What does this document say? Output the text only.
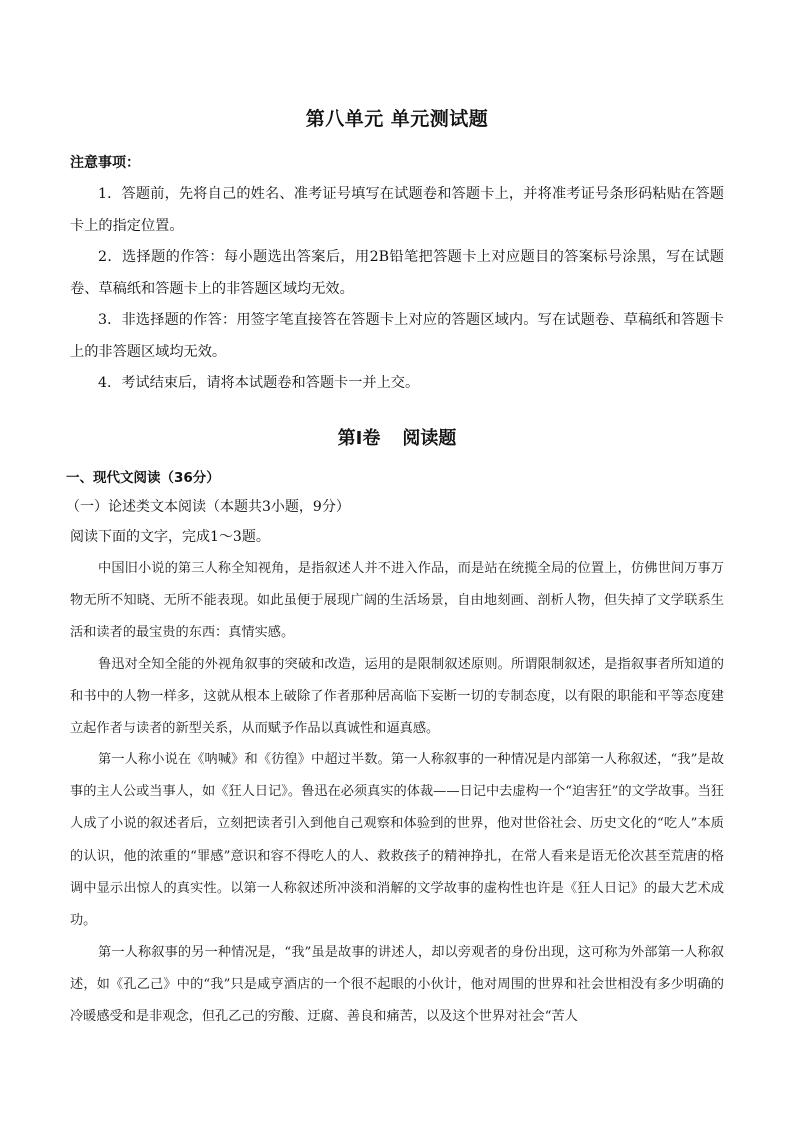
第八单元 单元测试题
注意事项：
1．答题前，先将自己的姓名、准考证号填写在试题卷和答题卡上，并将准考证号条形码粘贴在答题卡上的指定位置。
2．选择题的作答：每小题选出答案后，用2B铅笔把答题卡上对应题目的答案标号涂黑，写在试题卷、草稿纸和答题卡上的非答题区域均无效。
3．非选择题的作答：用签字笔直接答在答题卡上对应的答题区域内。写在试题卷、草稿纸和答题卡上的非答题区域均无效。
4．考试结束后，请将本试题卷和答题卡一并上交。
第Ⅰ卷 阅读题
一、现代文阅读（36分）
（一）论述类文本阅读（本题共3小题，9分）
阅读下面的文字，完成1～3题。
中国旧小说的第三人称全知视角，是指叙述人并不进入作品，而是站在统揽全局的位置上，仿佛世间万事万物无所不知晓、无所不能表现。如此虽便于展现广阔的生活场景，自由地刻画、剖析人物，但失掉了文学联系生活和读者的最宝贵的东西：真情实感。
鲁迅对全知全能的外视角叙事的突破和改造，运用的是限制叙述原则。所谓限制叙述，是指叙事者所知道的和书中的人物一样多，这就从根本上破除了作者那种居高临下妄断一切的专制态度，以有限的职能和平等态度建立起作者与读者的新型关系，从而赋予作品以真诚性和逼真感。
第一人称小说在《呐喊》和《彷徨》中超过半数。第一人称叙事的一种情况是内部第一人称叙述，“我”是故事的主人公或当事人，如《狂人日记》。鲁迅在必须真实的体裁——日记中去虚构一个“迫害狂”的文学故事。当狂人成了小说的叙述者后，立刻把读者引入到他自己观察和体验到的世界，他对世俗社会、历史文化的“吃人”本质的认识，他的浓重的“罪感”意识和容不得吃人的人、救救孩子的精神挣扎，在常人看来是语无伦次甚至荒唐的格调中显示出惊人的真实性。以第一人称叙述所冲淡和消解的文学故事的虚构性也许是《狂人日记》的最大艺术成功。
第一人称叙事的另一种情况是，“我”虽是故事的讲述人，却以旁观者的身份出现，这可称为外部第一人称叙述，如《孔乙己》中的“我”只是咸亨酒店的一个很不起眼的小伙计，他对周围的世界和社会世相没有多少明确的冷暖感受和是非观念，但孔乙己的穷酸、迂腐、善良和痛苦，以及这个世界对社会“苦人
